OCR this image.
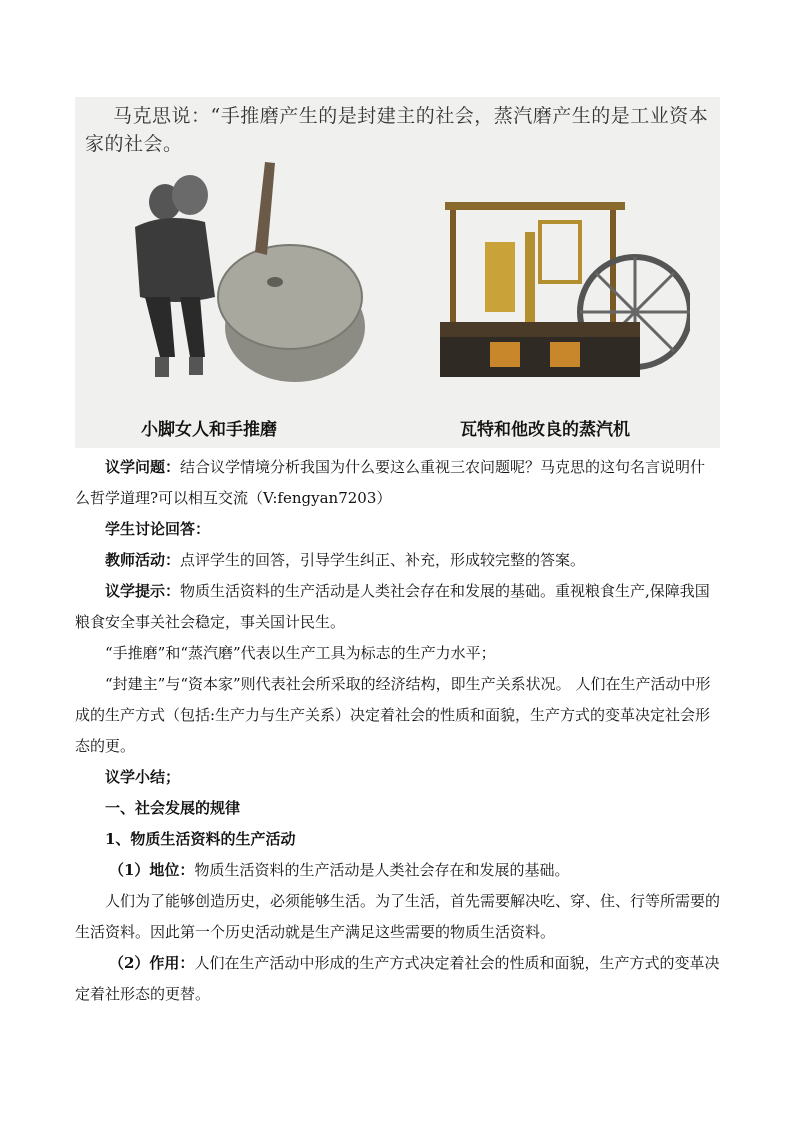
马克思说：“手推磨产生的是封建主的社会，蒸汽磨产生的是工业资本家的社会。
小脚女人和手推磨	瓦特和他改良的蒸汽机

议学问题：结合议学情境分析我国为什么要这么重视三农问题呢？马克思的这句名言说明什么哲学道理?可以相互交流（V:fengyan7203）

学生讨论回答：

教师活动：点评学生的回答，引导学生纠正、补充，形成较完整的答案。

议学提示：物质生活资料的生产活动是人类社会存在和发展的基础。重视粮食生产,保障我国粮食安全事关社会稳定，事关国计民生。

“手推磨”和“蒸汽磨”代表以生产工具为标志的生产力水平；

“封建主”与“资本家”则代表社会所采取的经济结构，即生产关系状况。 人们在生产活动中形成的生产方式（包括:生产力与生产关系）决定着社会的性质和面貌，生产方式的变革决定社会形态的更。

议学小结；

一、社会发展的规律

1、物质生活资料的生产活动

（1）地位：物质生活资料的生产活动是人类社会存在和发展的基础。

人们为了能够创造历史，必须能够生活。为了生活，首先需要解决吃、穿、住、行等所需要的生活资料。因此第一个历史活动就是生产满足这些需要的物质生活资料。

（2）作用：人们在生产活动中形成的生产方式决定着社会的性质和面貌，生产方式的变革决定着社形态的更替。
